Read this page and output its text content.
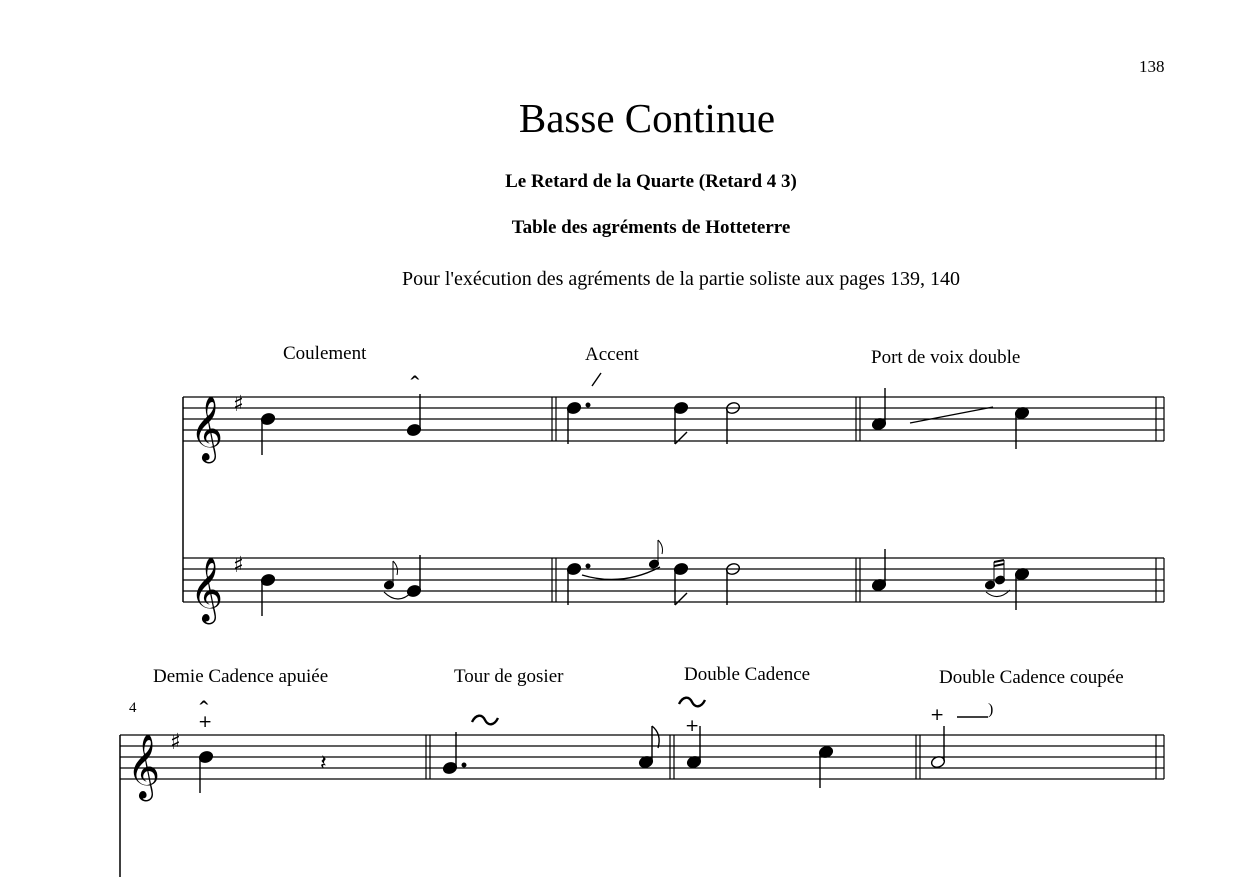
138
Basse Continue
Le Retard de la Quarte (Retard 4 3)
Table des agréments de Hotteterre
Pour l'exécution des agréments de la partie soliste aux pages 139, 140
Coulement	Accent	Port de voix double
Demie Cadence apuiée	Tour de gosier	Double Cadence	Double Cadence coupée
4
𝄞 ♯
𝄞 ♯
𝄞 ♯
^
^
+
𝄽
+
+	)
